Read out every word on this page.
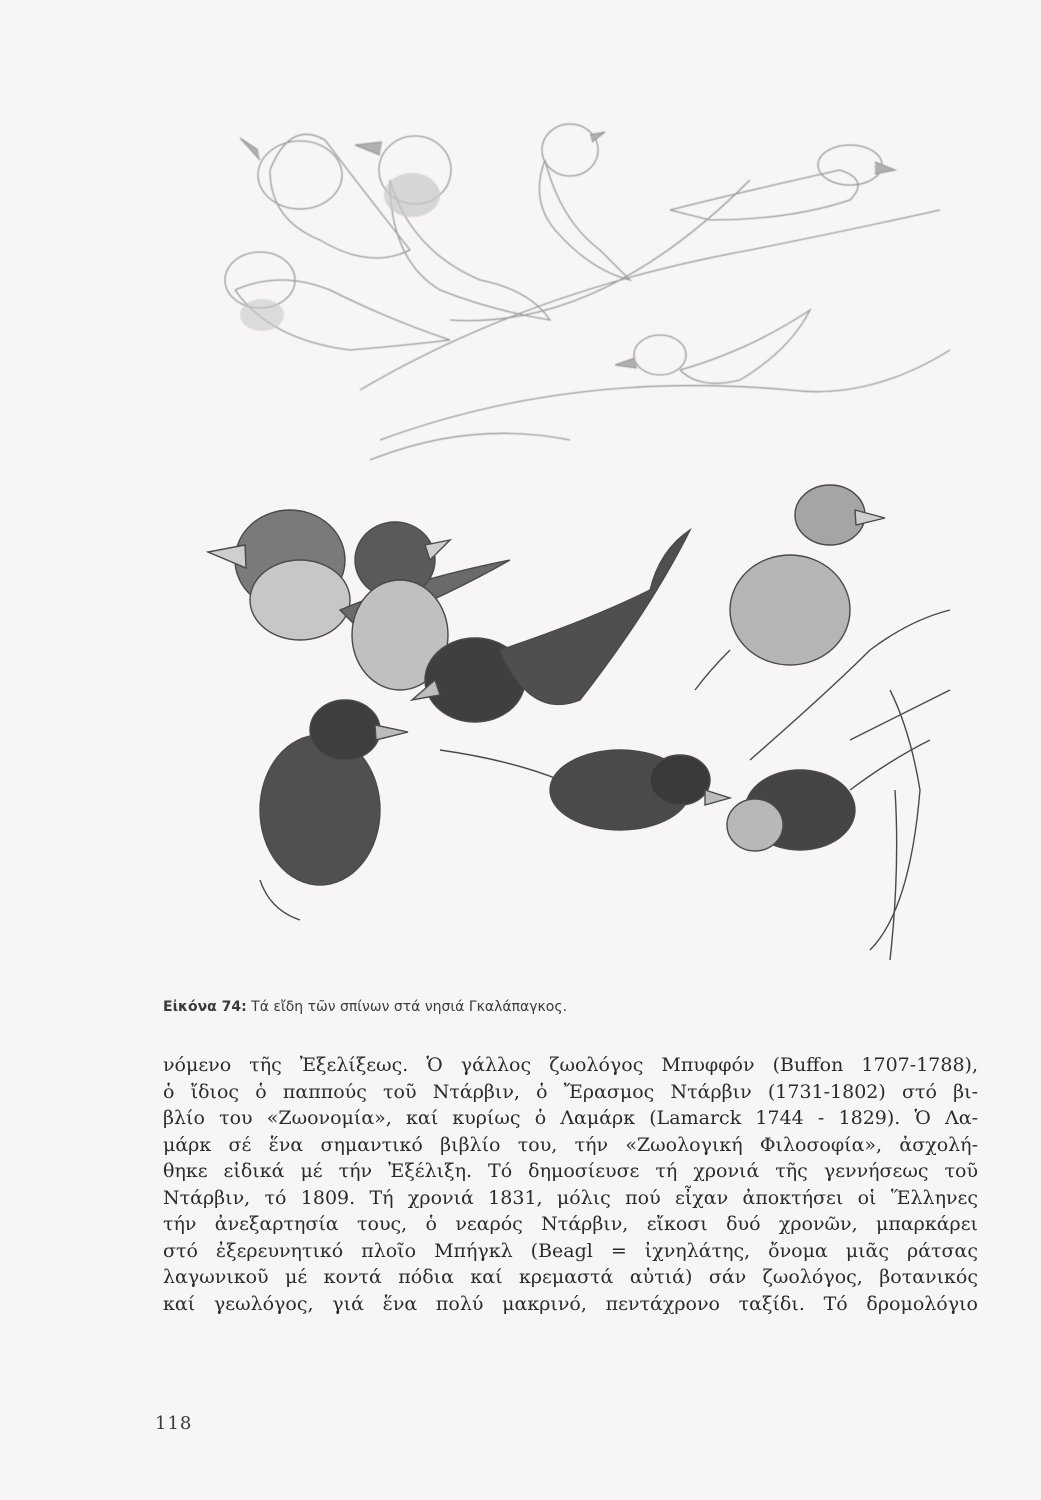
Εἰκόνα 74: Τά εἴδη τῶν σπίνων στά νησιά Γκαλάπαγκος.
νόμενο τῆς Ἐξελίξεως. Ὁ γάλλος ζωολόγος Μπυφφόν (Buffon 1707-1788),
ὁ ἴδιος ὁ παππούς τοῦ Ντάρβιν, ὁ Ἔρασμος Ντάρβιν (1731-1802) στό βι-
βλίο του «Ζωονομία», καί κυρίως ὁ Λαμάρκ (Lamarck 1744 - 1829). Ὁ Λα-
μάρκ σέ ἕνα σημαντικό βιβλίο του, τήν «Ζωολογική Φιλοσοφία», ἀσχολή-
θηκε εἰδικά μέ τήν Ἐξέλιξη. Τό δημοσίευσε τή χρονιά τῆς γεννήσεως τοῦ
Ντάρβιν, τό 1809. Τή χρονιά 1831, μόλις πού εἶχαν ἀποκτήσει οἱ Ἕλληνες
τήν ἀνεξαρτησία τους, ὁ νεαρός Ντάρβιν, εἴκοσι δυό χρονῶν, μπαρκάρει
στό ἐξερευνητικό πλοῖο Μπήγκλ (Beagl = ἰχνηλάτης, ὄνομα μιᾶς ράτσας
λαγωνικοῦ μέ κοντά πόδια καί κρεμαστά αὐτιά) σάν ζωολόγος, βοτανικός
καί γεωλόγος, γιά ἕνα πολύ μακρινό, πεντάχρονο ταξίδι. Τό δρομολόγιο
118
